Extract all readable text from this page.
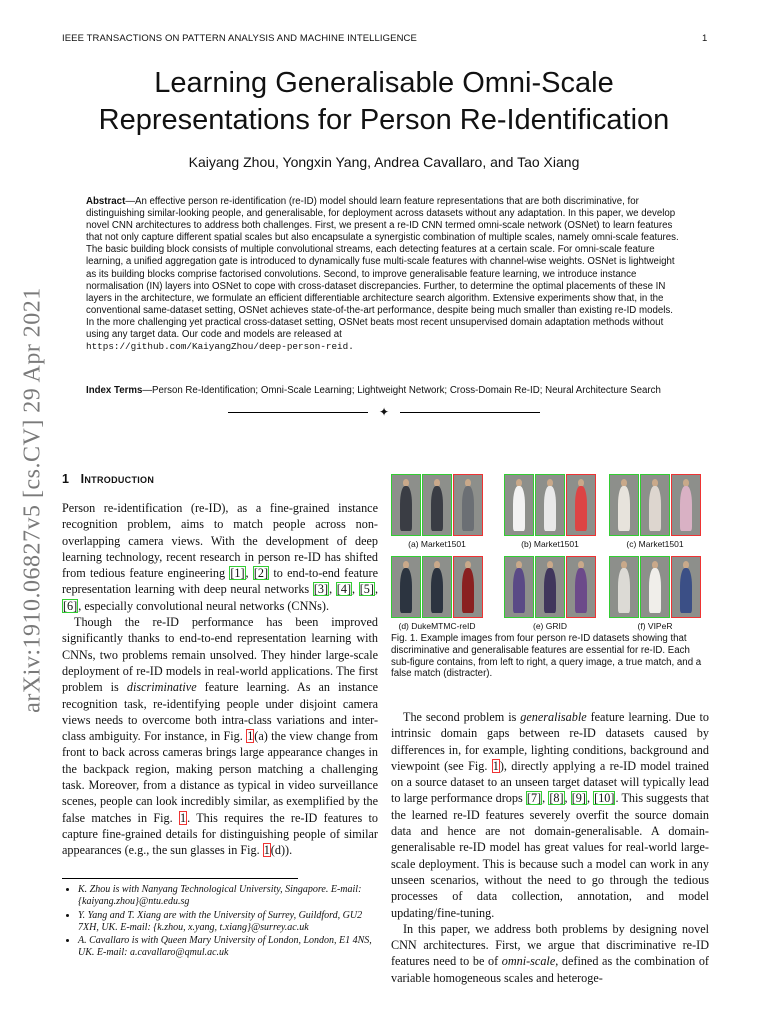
IEEE TRANSACTIONS ON PATTERN ANALYSIS AND MACHINE INTELLIGENCE	1
arXiv:1910.06827v5 [cs.CV] 29 Apr 2021
Learning Generalisable Omni-Scale
Representations for Person Re-Identification
Kaiyang Zhou, Yongxin Yang, Andrea Cavallaro, and Tao Xiang
Abstract—An effective person re-identification (re-ID) model should learn feature representations that are both discriminative, for distinguishing similar-looking people, and generalisable, for deployment across datasets without any adaptation. In this paper, we develop novel CNN architectures to address both challenges. First, we present a re-ID CNN termed omni-scale network (OSNet) to learn features that not only capture different spatial scales but also encapsulate a synergistic combination of multiple scales, namely omni-scale features. The basic building block consists of multiple convolutional streams, each detecting features at a certain scale. For omni-scale feature learning, a unified aggregation gate is introduced to dynamically fuse multi-scale features with channel-wise weights. OSNet is lightweight as its building blocks comprise factorised convolutions. Second, to improve generalisable feature learning, we introduce instance normalisation (IN) layers into OSNet to cope with cross-dataset discrepancies. Further, to determine the optimal placements of these IN layers in the architecture, we formulate an efficient differentiable architecture search algorithm. Extensive experiments show that, in the conventional same-dataset setting, OSNet achieves state-of-the-art performance, despite being much smaller than existing re-ID models. In the more challenging yet practical cross-dataset setting, OSNet beats most recent unsupervised domain adaptation methods without using any target data. Our code and models are released at
https://github.com/KaiyangZhou/deep-person-reid.
Index Terms—Person Re-Identification; Omni-Scale Learning; Lightweight Network; Cross-Domain Re-ID; Neural Architecture Search
✦
1 Introduction

Person re-identification (re-ID), as a fine-grained instance recognition problem, aims to match people across non-overlapping camera views. With the development of deep learning technology, recent research in person re-ID has shifted from tedious feature engineering [1], [2] to end-to-end feature representation learning with deep neural networks [3], [4], [5], [6], especially convolutional neural networks (CNNs).

Though the re-ID performance has been improved significantly thanks to end-to-end representation learning with CNNs, two problems remain unsolved. They hinder large-scale deployment of re-ID models in real-world applications. The first problem is discriminative feature learning. As an instance recognition task, re-identifying people under disjoint camera views needs to overcome both intra-class variations and inter-class ambiguity. For instance, in Fig. 1(a) the view change from front to back across cameras brings large appearance changes in the backpack region, making person matching a challenging task. Moreover, from a distance as typical in video surveillance scenes, people can look incredibly similar, as exemplified by the false matches in Fig. 1. This requires the re-ID features to capture fine-grained details for distinguishing people of similar appearances (e.g., the sun glasses in Fig. 1(d)).

• K. Zhou is with Nanyang Technological University, Singapore. E-mail: {kaiyang.zhou}@ntu.edu.sg
• Y. Yang and T. Xiang are with the University of Surrey, Guildford, GU2 7XH, UK. E-mail: {k.zhou, x.yang, t.xiang}@surrey.ac.uk
• A. Cavallaro is with Queen Mary University of London, London, E1 4NS, UK. E-mail: a.cavallaro@qmul.ac.uk
(a) Market1501	(b) Market1501	(c) Market1501
(d) DukeMTMC-reID	(e) GRID	(f) VIPeR
Fig. 1. Example images from four person re-ID datasets showing that discriminative and generalisable features are essential for re-ID. Each sub-figure contains, from left to right, a query image, a true match, and a false match (distracter).

The second problem is generalisable feature learning. Due to intrinsic domain gaps between re-ID datasets caused by differences in, for example, lighting conditions, background and viewpoint (see Fig. 1), directly applying a re-ID model trained on a source dataset to an unseen target dataset will typically lead to large performance drops [7], [8], [9], [10]. This suggests that the learned re-ID features severely overfit the source domain data and hence are not domain-generalisable. A domain-generalisable re-ID model has great values for real-world large-scale deployment. This is because such a model can work in any unseen scenarios, without the need to go through the tedious processes of data collection, annotation, and model updating/fine-tuning.

In this paper, we address both problems by designing novel CNN architectures. First, we argue that discriminative re-ID features need to be of omni-scale, defined as the combination of variable homogeneous scales and heteroge-
